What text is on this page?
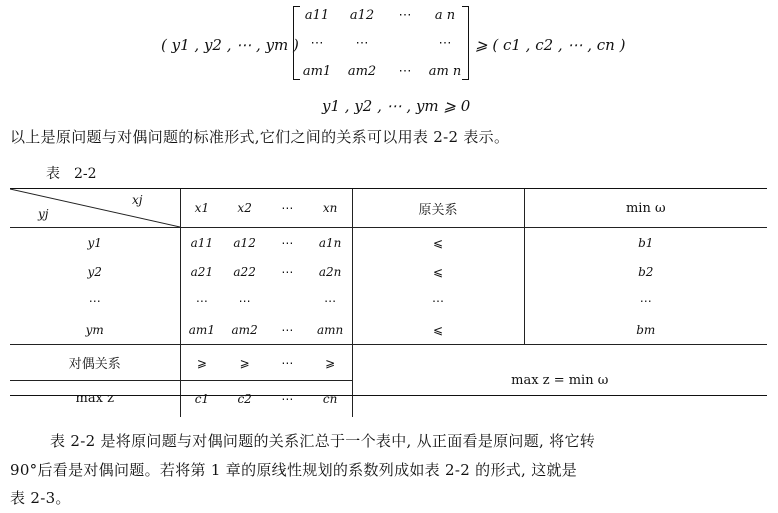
( y1 , y2 , ⋯ , ym )
a11	a12	⋯	a n
⋯	⋯	⋯
am1	am2	⋯	am n
⩾ ( c1 , c2 , ⋯ , cn )
y1 , y2 , ⋯ , ym ⩾ 0
以上是原问题与对偶问题的标准形式,它们之间的关系可以用表 2-2 表示。
表　2-2
xj
yj	x1 x2 ⋯ xn	原关系	min ω
y1	a11 a12 ⋯ a1n	⩽	b1
y2	a21 a22 ⋯ a2n	⩽	b2
⋯	⋯ ⋯ ⋯	⋯	⋯
ym	am1 am2 ⋯ amn	⩽	bm
对偶关系	⩾ ⩾ ⋯ ⩾	max z = min ω	
max z	c1 c2 ⋯ cn		
表 2-2 是将原问题与对偶问题的关系汇总于一个表中, 从正面看是原问题, 将它转
90°后看是对偶问题。若将第 1 章的原线性规划的系数列成如表 2-2 的形式, 这就是
表 2-3。
